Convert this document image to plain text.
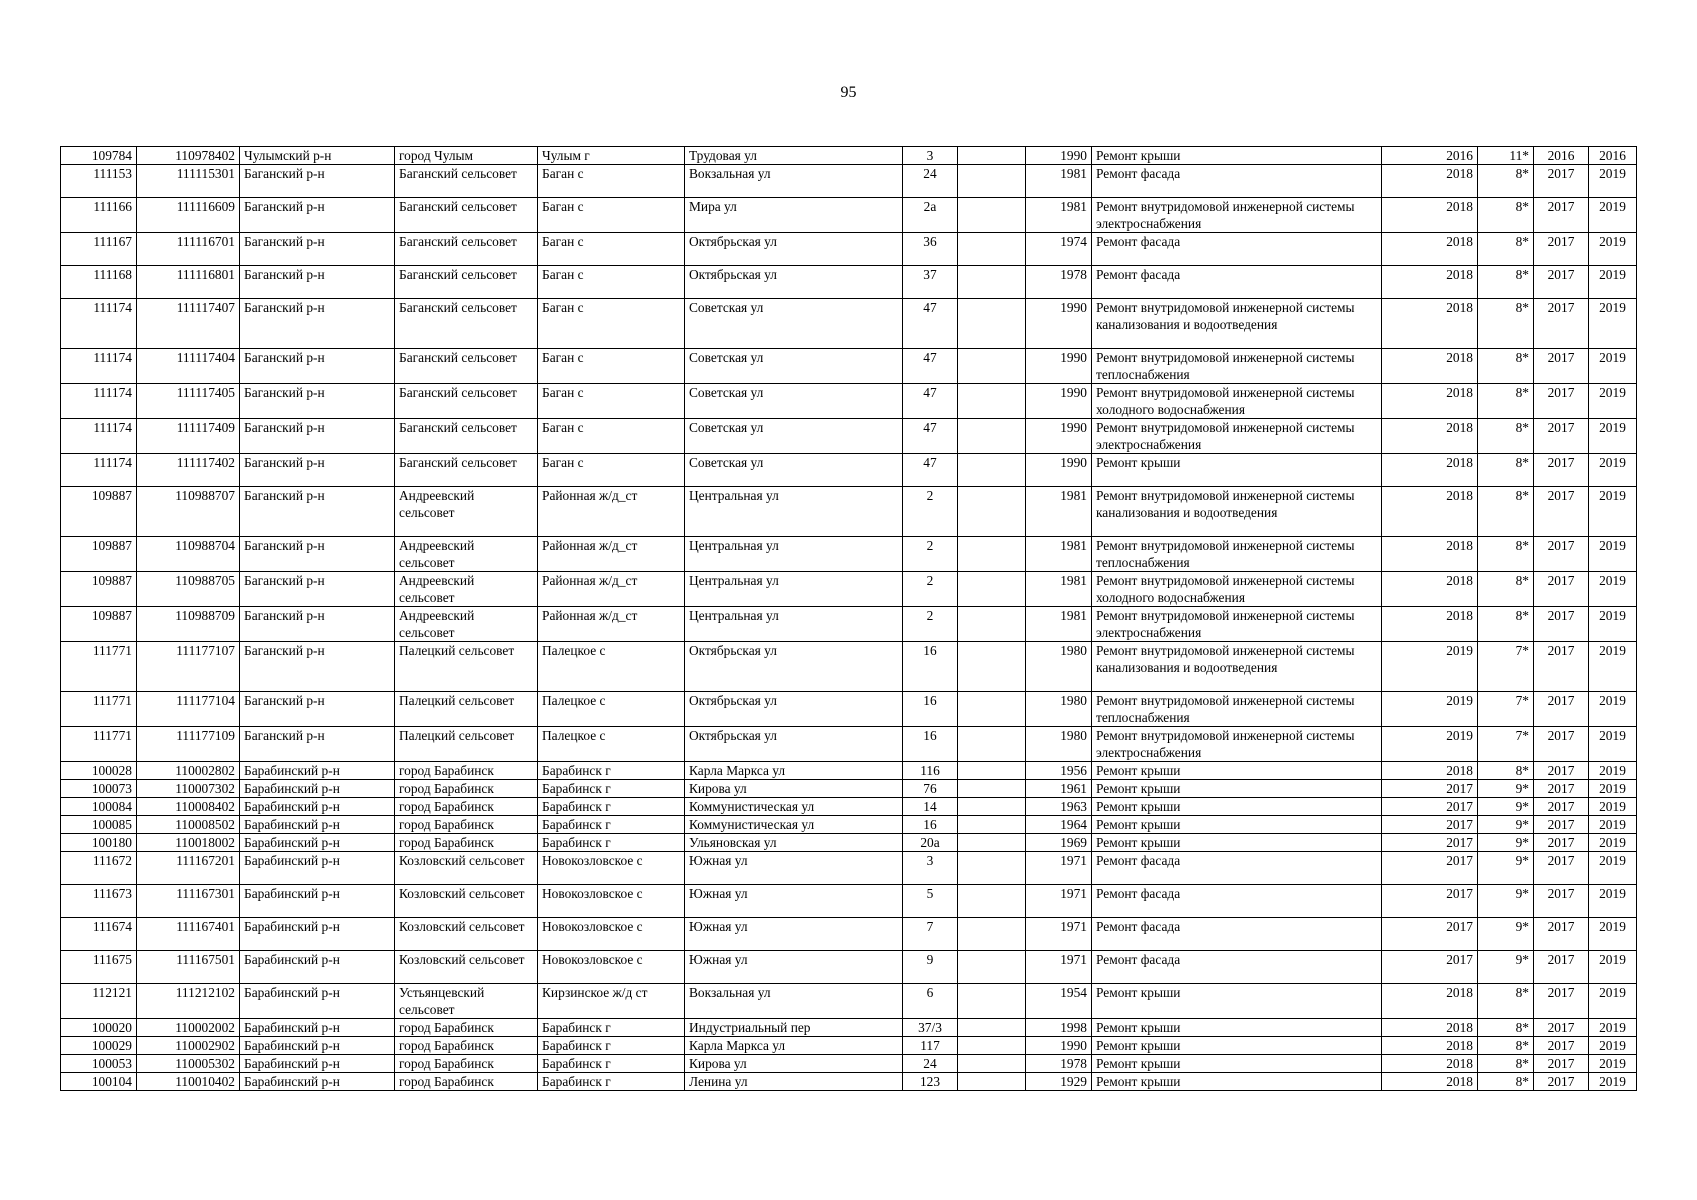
95
109784	110978402	Чулымский р-н	город Чулым	Чулым г	Трудовая ул	3		1990	Ремонт крыши	2016	11*	2016	2016
111153	111115301	Баганский р-н	Баганский сельсовет	Баган с	Вокзальная ул	24		1981	Ремонт фасада	2018	8*	2017	2019
111166	111116609	Баганский р-н	Баганский сельсовет	Баган с	Мира ул	2а		1981	Ремонт внутридомовой инженерной системы электроснабжения	2018	8*	2017	2019
111167	111116701	Баганский р-н	Баганский сельсовет	Баган с	Октябрьская ул	36		1974	Ремонт фасада	2018	8*	2017	2019
111168	111116801	Баганский р-н	Баганский сельсовет	Баган с	Октябрьская ул	37		1978	Ремонт фасада	2018	8*	2017	2019
111174	111117407	Баганский р-н	Баганский сельсовет	Баган с	Советская ул	47		1990	Ремонт внутридомовой инженерной системы канализования и водоотведения	2018	8*	2017	2019
111174	111117404	Баганский р-н	Баганский сельсовет	Баган с	Советская ул	47		1990	Ремонт внутридомовой инженерной системы теплоснабжения	2018	8*	2017	2019
111174	111117405	Баганский р-н	Баганский сельсовет	Баган с	Советская ул	47		1990	Ремонт внутридомовой инженерной системы холодного водоснабжения	2018	8*	2017	2019
111174	111117409	Баганский р-н	Баганский сельсовет	Баган с	Советская ул	47		1990	Ремонт внутридомовой инженерной системы электроснабжения	2018	8*	2017	2019
111174	111117402	Баганский р-н	Баганский сельсовет	Баган с	Советская ул	47		1990	Ремонт крыши	2018	8*	2017	2019
109887	110988707	Баганский р-н	Андреевский сельсовет	Районная ж/д_ст	Центральная ул	2		1981	Ремонт внутридомовой инженерной системы канализования и водоотведения	2018	8*	2017	2019
109887	110988704	Баганский р-н	Андреевский сельсовет	Районная ж/д_ст	Центральная ул	2		1981	Ремонт внутридомовой инженерной системы теплоснабжения	2018	8*	2017	2019
109887	110988705	Баганский р-н	Андреевский сельсовет	Районная ж/д_ст	Центральная ул	2		1981	Ремонт внутридомовой инженерной системы холодного водоснабжения	2018	8*	2017	2019
109887	110988709	Баганский р-н	Андреевский сельсовет	Районная ж/д_ст	Центральная ул	2		1981	Ремонт внутридомовой инженерной системы электроснабжения	2018	8*	2017	2019
111771	111177107	Баганский р-н	Палецкий сельсовет	Палецкое с	Октябрьская ул	16		1980	Ремонт внутридомовой инженерной системы канализования и водоотведения	2019	7*	2017	2019
111771	111177104	Баганский р-н	Палецкий сельсовет	Палецкое с	Октябрьская ул	16		1980	Ремонт внутридомовой инженерной системы теплоснабжения	2019	7*	2017	2019
111771	111177109	Баганский р-н	Палецкий сельсовет	Палецкое с	Октябрьская ул	16		1980	Ремонт внутридомовой инженерной системы электроснабжения	2019	7*	2017	2019
100028	110002802	Барабинский р-н	город Барабинск	Барабинск г	Карла Маркса ул	116		1956	Ремонт крыши	2018	8*	2017	2019
100073	110007302	Барабинский р-н	город Барабинск	Барабинск г	Кирова ул	76		1961	Ремонт крыши	2017	9*	2017	2019
100084	110008402	Барабинский р-н	город Барабинск	Барабинск г	Коммунистическая ул	14		1963	Ремонт крыши	2017	9*	2017	2019
100085	110008502	Барабинский р-н	город Барабинск	Барабинск г	Коммунистическая ул	16		1964	Ремонт крыши	2017	9*	2017	2019
100180	110018002	Барабинский р-н	город Барабинск	Барабинск г	Ульяновская ул	20а		1969	Ремонт крыши	2017	9*	2017	2019
111672	111167201	Барабинский р-н	Козловский сельсовет	Новокозловское с	Южная ул	3		1971	Ремонт фасада	2017	9*	2017	2019
111673	111167301	Барабинский р-н	Козловский сельсовет	Новокозловское с	Южная ул	5		1971	Ремонт фасада	2017	9*	2017	2019
111674	111167401	Барабинский р-н	Козловский сельсовет	Новокозловское с	Южная ул	7		1971	Ремонт фасада	2017	9*	2017	2019
111675	111167501	Барабинский р-н	Козловский сельсовет	Новокозловское с	Южная ул	9		1971	Ремонт фасада	2017	9*	2017	2019
112121	111212102	Барабинский р-н	Устьянцевский сельсовет	Кирзинское ж/д ст	Вокзальная ул	6		1954	Ремонт крыши	2018	8*	2017	2019
100020	110002002	Барабинский р-н	город Барабинск	Барабинск г	Индустриальный пер	37/3		1998	Ремонт крыши	2018	8*	2017	2019
100029	110002902	Барабинский р-н	город Барабинск	Барабинск г	Карла Маркса ул	117		1990	Ремонт крыши	2018	8*	2017	2019
100053	110005302	Барабинский р-н	город Барабинск	Барабинск г	Кирова ул	24		1978	Ремонт крыши	2018	8*	2017	2019
100104	110010402	Барабинский р-н	город Барабинск	Барабинск г	Ленина ул	123		1929	Ремонт крыши	2018	8*	2017	2019
